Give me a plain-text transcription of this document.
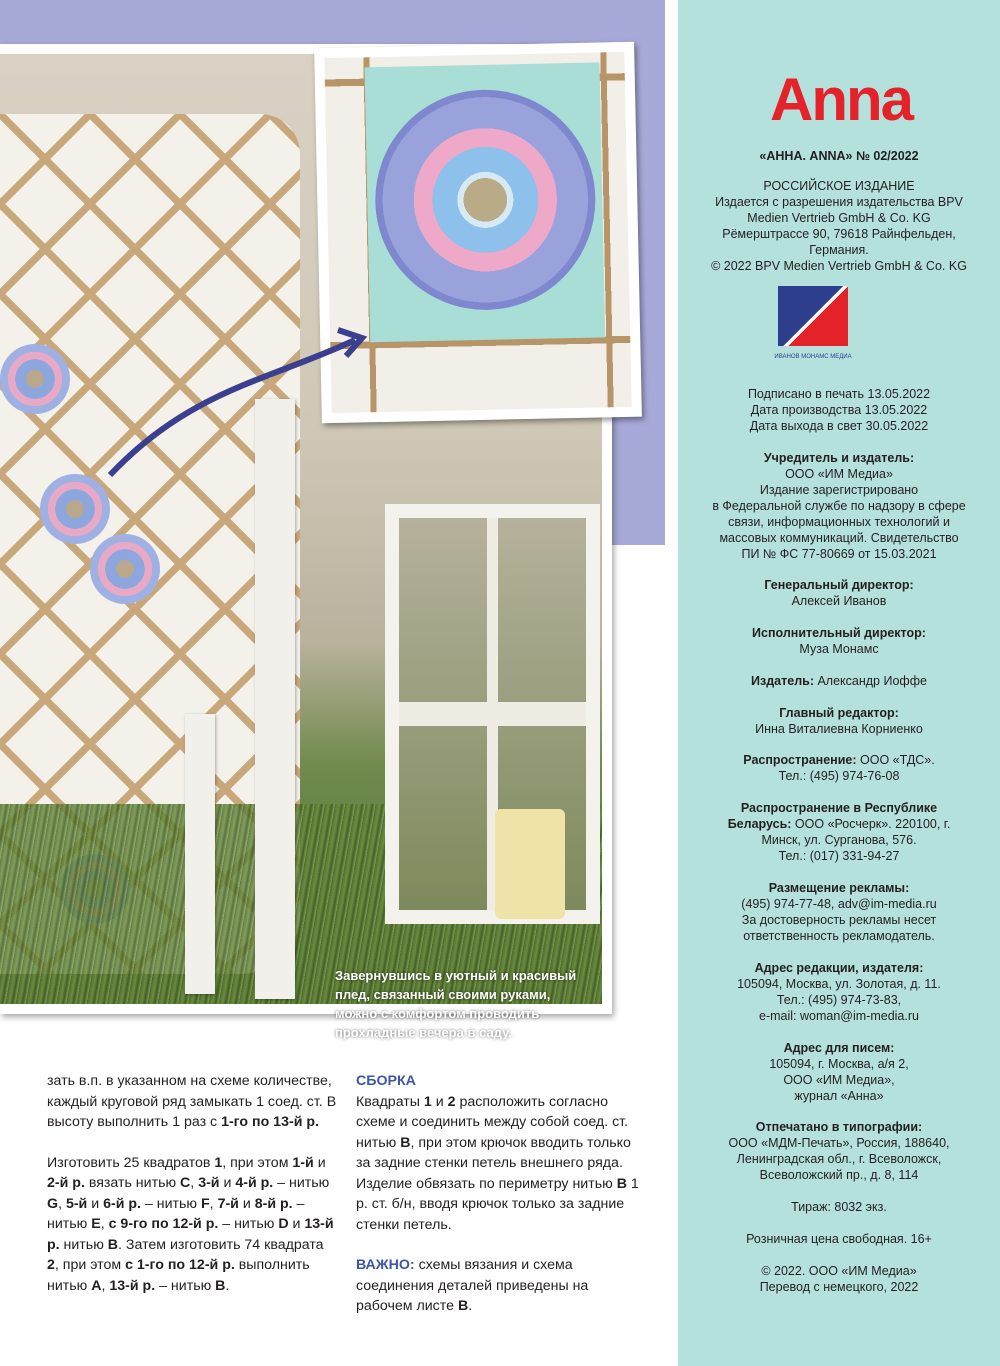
Завернувшись в уютный и красивый плед, связанный своими руками, можно с комфортом проводить прохладные вечера в саду.
Anna
«АННА. ANNA» № 02/2022

РОССИЙСКОЕ ИЗДАНИЕ

Издается с разрешения издательства BPV

Medien Vertrieb GmbH & Co. KG

Рёмерштрассе 90, 79618 Райнфельден,

Германия.

© 2022 BPV Medien Vertrieb GmbH & Co. KG

ИВАНОВ МОНАМС МЕДИА

Подписано в печать 13.05.2022

Дата производства 13.05.2022

Дата выхода в свет 30.05.2022

Учредитель и издатель:

ООО «ИМ Медиа»

Издание зарегистрировано

в Федеральной службе по надзору в сфере

связи, информационных технологий и

массовых коммуникаций. Свидетельство

ПИ № ФС 77-80669 от 15.03.2021

Генеральный директор:

Алексей Иванов

Исполнительный директор:

Муза Монамс

Издатель: Александр Иоффе

Главный редактор:

Инна Виталиевна Корниенко

Распространение: ООО «ТДС».

Тел.: (495) 974-76-08

Распространение в Республике

Беларусь: ООО «Росчерк». 220100, г.

Минск, ул. Сурганова, 576.

Тел.: (017) 331-94-27

Размещение рекламы:

(495) 974-77-48, adv@im-media.ru

За достоверность рекламы несет

ответственность рекламодатель.

Адрес редакции, издателя:

105094, Москва, ул. Золотая, д. 11.

Тел.: (495) 974-73-83,

e-mail: woman@im-media.ru

Адрес для писем:

105094, г. Москва, а/я 2,

ООО «ИМ Медиа»,

журнал «Анна»

Отпечатано в типографии:

ООО «МДМ-Печать», Россия, 188640,

Ленинградская обл., г. Всеволожск,

Всеволожский пр., д. 8, 114

Тираж: 8032 экз.
Розничная цена свободная. 16+

© 2022. ООО «ИМ Медиа»

Перевод с немецкого, 2022

зать в.п. в указанном на схеме количестве, каждый круговой ряд замыкать 1 соед. ст. В высоту выполнить 1 раз с 1-го по 13-й р.

Изготовить 25 квадратов 1, при этом 1-й и 2-й р. вязать нитью C, 3-й и 4-й р. – нитью G, 5-й и 6-й р. – нитью F, 7-й и 8-й р. – нитью E, с 9-го по 12-й р. – нитью D и 13-й р. нитью B. Затем изготовить 74 квадрата 2, при этом с 1-го по 12-й р. выполнить нитью A, 13-й р. – нитью B.

СБОРКА

Квадраты 1 и 2 расположить согласно схеме и соединить между собой соед. ст. нитью B, при этом крючок вводить только за задние стенки петель внешнего ряда. Изделие обвязать по периметру нитью B 1 р. ст. б/н, вводя крючок только за задние стенки петель.

ВАЖНО: схемы вязания и схема соединения деталей приведены на рабочем листе B.
